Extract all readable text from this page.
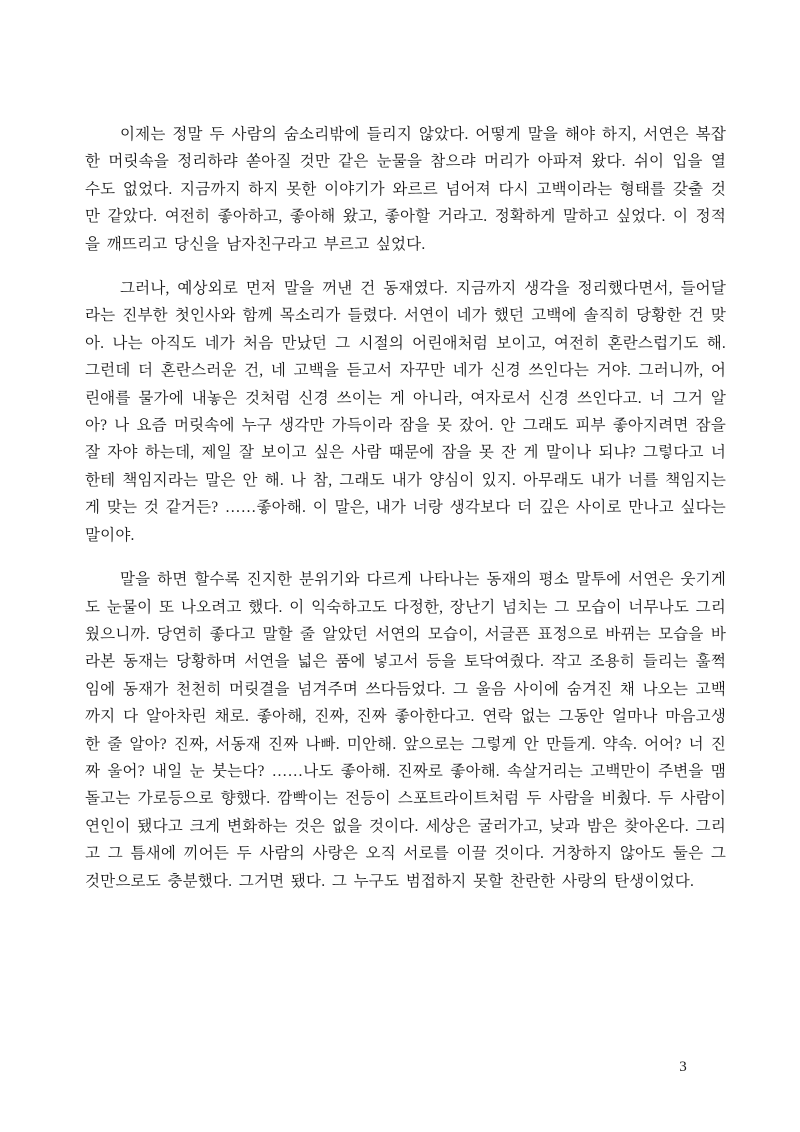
이제는 정말 두 사람의 숨소리밖에 들리지 않았다. 어떻게 말을 해야 하지, 서연은 복잡한 머릿속을 정리하랴 쏟아질 것만 같은 눈물을 참으랴 머리가 아파져 왔다. 쉬이 입을 열 수도 없었다. 지금까지 하지 못한 이야기가 와르르 넘어져 다시 고백이라는 형태를 갖출 것만 같았다. 여전히 좋아하고, 좋아해 왔고, 좋아할 거라고. 정확하게 말하고 싶었다. 이 정적을 깨뜨리고 당신을 남자친구라고 부르고 싶었다.

그러나, 예상외로 먼저 말을 꺼낸 건 동재였다. 지금까지 생각을 정리했다면서, 들어달라는 진부한 첫인사와 함께 목소리가 들렸다. 서연이 네가 했던 고백에 솔직히 당황한 건 맞아. 나는 아직도 네가 처음 만났던 그 시절의 어린애처럼 보이고, 여전히 혼란스럽기도 해. 그런데 더 혼란스러운 건, 네 고백을 듣고서 자꾸만 네가 신경 쓰인다는 거야. 그러니까, 어린애를 물가에 내놓은 것처럼 신경 쓰이는 게 아니라, 여자로서 신경 쓰인다고. 너 그거 알아? 나 요즘 머릿속에 누구 생각만 가득이라 잠을 못 잤어. 안 그래도 피부 좋아지려면 잠을 잘 자야 하는데, 제일 잘 보이고 싶은 사람 때문에 잠을 못 잔 게 말이나 되냐? 그렇다고 너한테 책임지라는 말은 안 해. 나 참, 그래도 내가 양심이 있지. 아무래도 내가 너를 책임지는 게 맞는 것 같거든? ……좋아해. 이 말은, 내가 너랑 생각보다 더 깊은 사이로 만나고 싶다는 말이야.

말을 하면 할수록 진지한 분위기와 다르게 나타나는 동재의 평소 말투에 서연은 웃기게도 눈물이 또 나오려고 했다. 이 익숙하고도 다정한, 장난기 넘치는 그 모습이 너무나도 그리웠으니까. 당연히 좋다고 말할 줄 알았던 서연의 모습이, 서글픈 표정으로 바뀌는 모습을 바라본 동재는 당황하며 서연을 넓은 품에 넣고서 등을 토닥여줬다. 작고 조용히 들리는 훌쩍임에 동재가 천천히 머릿결을 넘겨주며 쓰다듬었다. 그 울음 사이에 숨겨진 채 나오는 고백까지 다 알아차린 채로. 좋아해, 진짜, 진짜 좋아한다고. 연락 없는 그동안 얼마나 마음고생 한 줄 알아? 진짜, 서동재 진짜 나빠. 미안해. 앞으로는 그렇게 안 만들게. 약속. 어어? 너 진짜 울어? 내일 눈 붓는다? ……나도 좋아해. 진짜로 좋아해. 속살거리는 고백만이 주변을 맴돌고는 가로등으로 향했다. 깜빡이는 전등이 스포트라이트처럼 두 사람을 비췄다. 두 사람이 연인이 됐다고 크게 변화하는 것은 없을 것이다. 세상은 굴러가고, 낮과 밤은 찾아온다. 그리고 그 틈새에 끼어든 두 사람의 사랑은 오직 서로를 이끌 것이다. 거창하지 않아도 둘은 그것만으로도 충분했다. 그거면 됐다. 그 누구도 범접하지 못할 찬란한 사랑의 탄생이었다.

3
